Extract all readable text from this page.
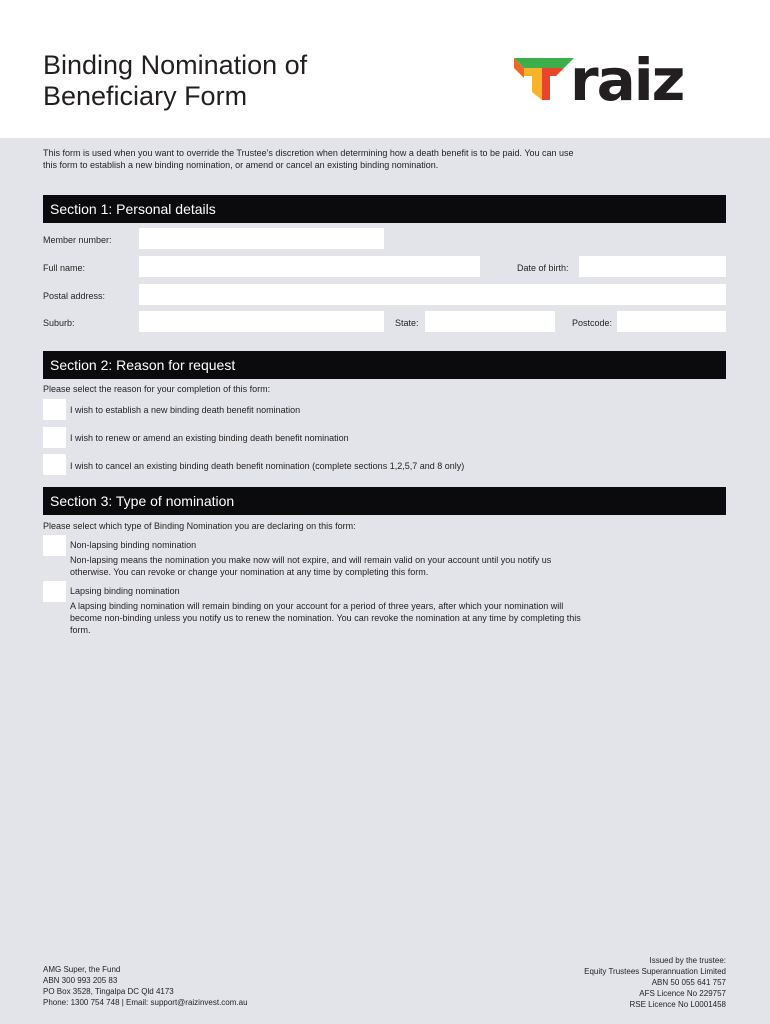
Binding Nomination of
Beneficiary Form	raiz
This form is used when you want to override the Trustee's discretion when determining how a death benefit is to be paid. You can use
this form to establish a new binding nomination, or amend or cancel an existing binding nomination.
Section 1: Personal details
Member number:
Full name:	Date of birth:
Postal address:
Suburb:	State:	Postcode:
Section 2: Reason for request
Please select the reason for your completion of this form:
I wish to establish a new binding death benefit nomination
I wish to renew or amend an existing binding death benefit nomination
I wish to cancel an existing binding death benefit nomination (complete sections 1,2,5,7 and 8 only)
Section 3: Type of nomination
Please select which type of Binding Nomination you are declaring on this form:
Non-lapsing binding nomination
Non-lapsing means the nomination you make now will not expire, and will remain valid on your account until you notify us
otherwise. You can revoke or change your nomination at any time by completing this form.
Lapsing binding nomination
A lapsing binding nomination will remain binding on your account for a period of three years, after which your nomination will
become non-binding unless you notify us to renew the nomination. You can revoke the nomination at any time by completing this
form.
AMG Super, the Fund
ABN 300 993 205 83
PO Box 3528, Tingalpa DC Qld 4173
Phone: 1300 754 748 | Email: support@raizinvest.com.au
Issued by the trustee:
Equity Trustees Superannuation Limited
ABN 50 055 641 757
AFS Licence No 229757
RSE Licence No L0001458
